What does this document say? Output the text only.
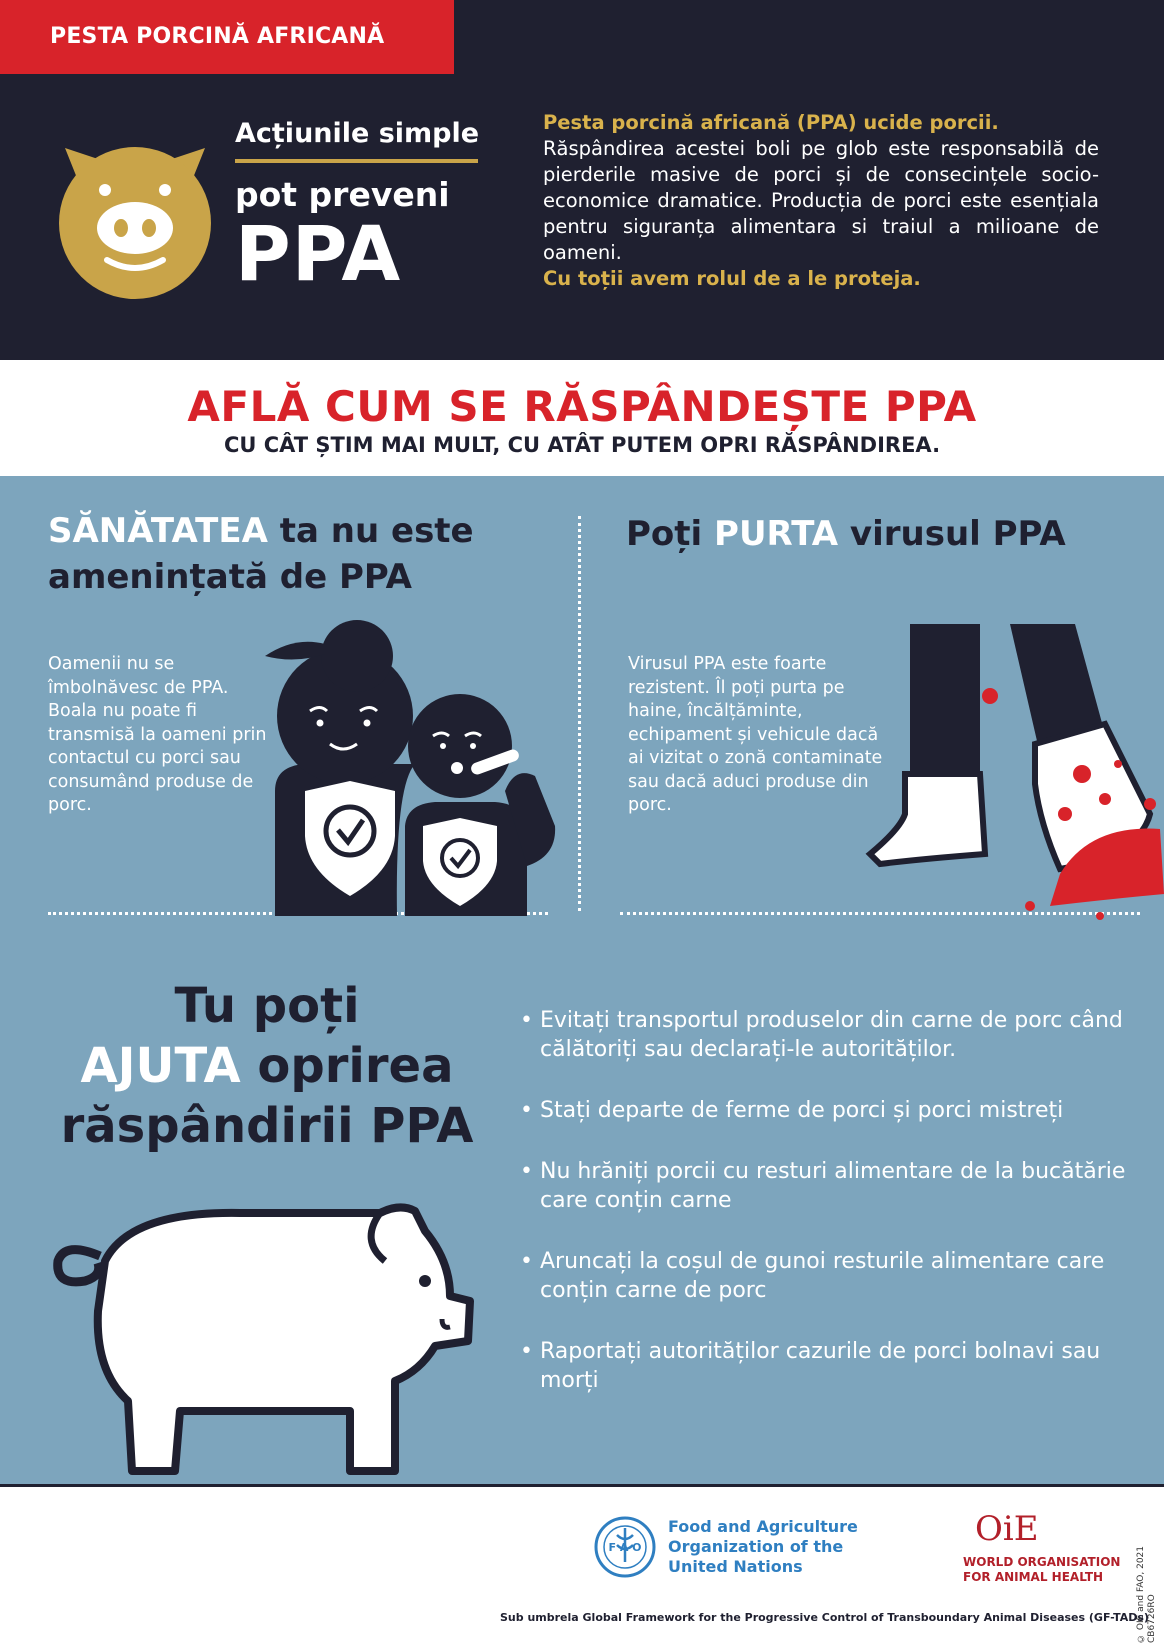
PESTA PORCINĂ AFRICANĂ
Acțiunile simple
pot preveni
PPA
Pesta porcină africană (PPA) ucide porcii.
Răspândirea acestei boli pe glob este responsabilă de pierderile masive de porci și de consecințele socio-economice dramatice. Producția de porci este esențiala pentru siguranța alimentara si traiul a milioane de oameni.
Cu toții avem rolul de a le proteja.
AFLĂ CUM SE RĂSPÂNDEȘTE PPA
CU CÂT ȘTIM MAI MULT, CU ATÂT PUTEM OPRI RĂSPÂNDIREA.
SĂNĂTATEA ta nu este amenințată de PPA
Oamenii nu se îmbolnăvesc de PPA. Boala nu poate fi transmisă la oameni prin contactul cu porci sau consumând produse de porc.
Poți PURTA virusul PPA
Virusul PPA este foarte rezistent. Îl poți purta pe haine, încălțăminte, echipament și vehicule dacă ai vizitat o zonă contaminate sau dacă aduci produse din porc.
Tu poți
AJUTA oprirea
răspândirii PPA
• Evitați transportul produselor din carne de porc când călătoriți sau declarați-le autorităților.
• Stați departe de ferme de porci și porci mistreți
• Nu hrăniți porcii cu resturi alimentare de la bucătărie care conțin carne
• Aruncați la coșul de gunoi resturile alimentare care conțin carne de porc
• Raportați autorităților cazurile de porci bolnavi sau morți
F A O
Food and Agriculture
Organization of the
United Nations
OiE
WORLD ORGANISATION
FOR ANIMAL HEALTH	© OIE and FAO, 2021 CB6726RO
Sub umbrela Global Framework for the Progressive Control of Transboundary Animal Diseases (GF-TADs)
